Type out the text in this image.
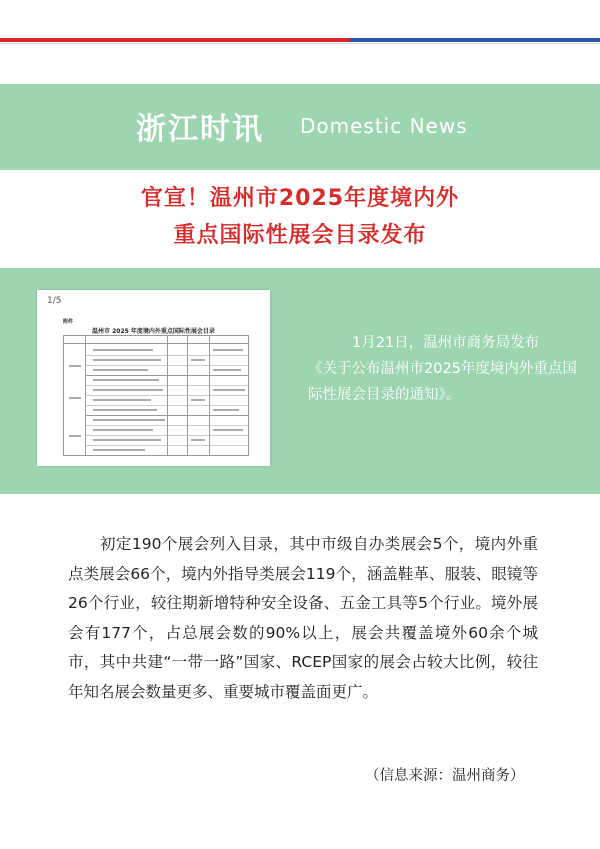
浙江时讯 Domestic News
官宣！温州市2025年度境内外
重点国际性展会目录发布
1/5
附件
温州市 2025 年度境内外重点国际性展会目录
1月21日，温州市商务局发布
《关于公布温州市2025年度境内外重点国际性展会目录的通知》。

初定190个展会列入目录，其中市级自办类展会5个，境内外重点类展会66个，境内外指导类展会119个，涵盖鞋革、服装、眼镜等26个行业，较往期新增特种安全设备、五金工具等5个行业。境外展会有177个，占总展会数的90%以上，展会共覆盖境外60余个城市，其中共建“一带一路”国家、RCEP国家的展会占较大比例，较往年知名展会数量更多、重要城市覆盖面更广。

（信息来源：温州商务）
